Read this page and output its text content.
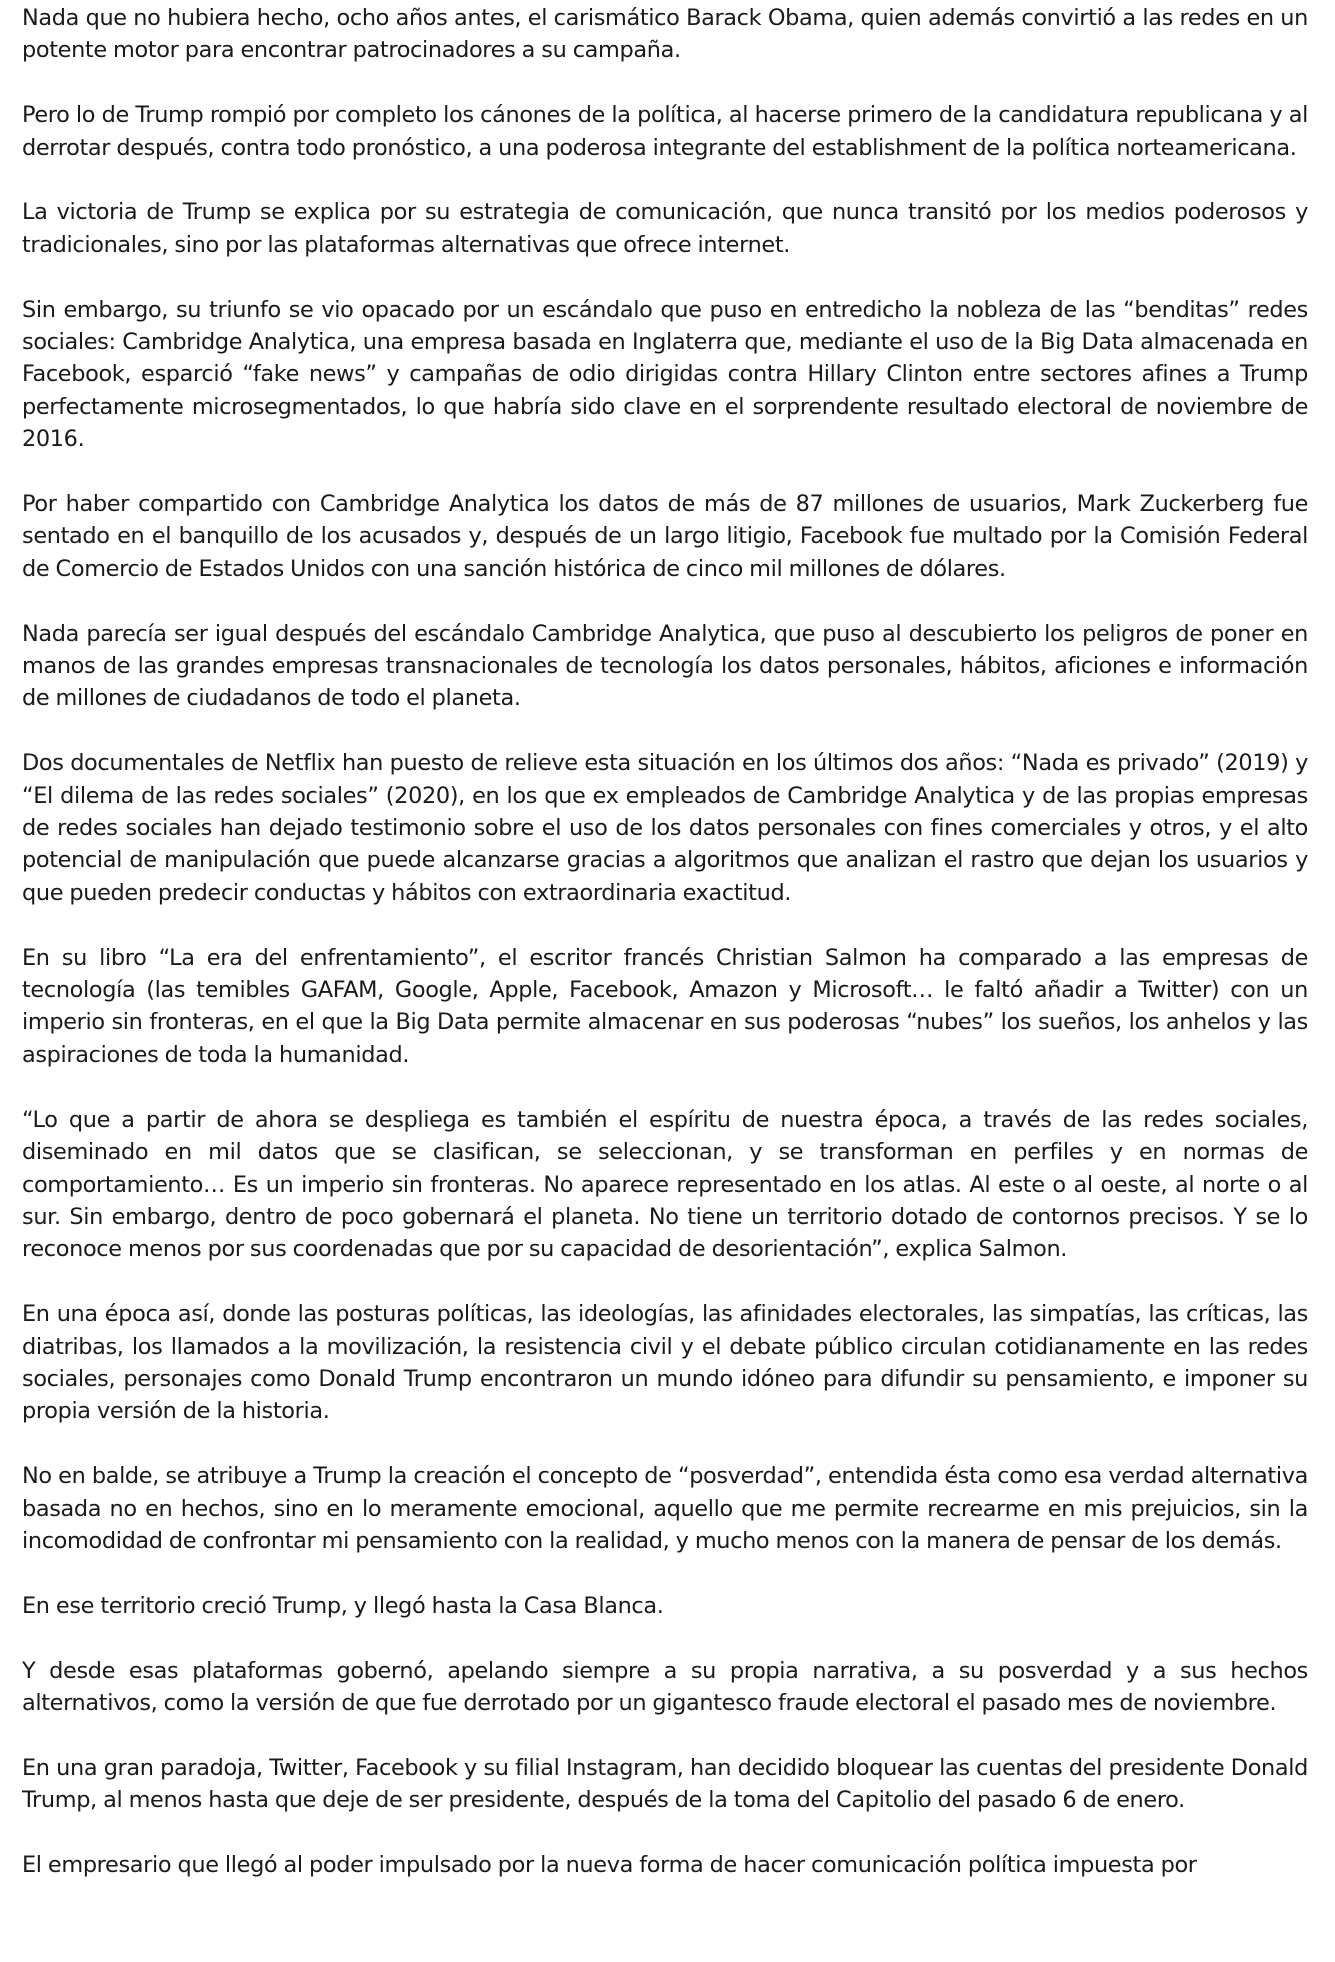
Nada que no hubiera hecho, ocho años antes, el carismático Barack Obama, quien además convirtió a las redes en un potente motor para encontrar patrocinadores a su campaña.

Pero lo de Trump rompió por completo los cánones de la política, al hacerse primero de la candidatura republicana y al derrotar después, contra todo pronóstico, a una poderosa integrante del establishment de la política norteamericana.

La victoria de Trump se explica por su estrategia de comunicación, que nunca transitó por los medios poderosos y tradicionales, sino por las plataformas alternativas que ofrece internet.

Sin embargo, su triunfo se vio opacado por un escándalo que puso en entredicho la nobleza de las “benditas” redes sociales: Cambridge Analytica, una empresa basada en Inglaterra que, mediante el uso de la Big Data almacenada en Facebook, esparció “fake news” y campañas de odio dirigidas contra Hillary Clinton entre sectores afines a Trump perfectamente microsegmentados, lo que habría sido clave en el sorprendente resultado electoral de noviembre de 2016.

Por haber compartido con Cambridge Analytica los datos de más de 87 millones de usuarios, Mark Zuckerberg fue sentado en el banquillo de los acusados y, después de un largo litigio, Facebook fue multado por la Comisión Federal de Comercio de Estados Unidos con una sanción histórica de cinco mil millones de dólares.

Nada parecía ser igual después del escándalo Cambridge Analytica, que puso al descubierto los peligros de poner en manos de las grandes empresas transnacionales de tecnología los datos personales, hábitos, aficiones e información de millones de ciudadanos de todo el planeta.

Dos documentales de Netflix han puesto de relieve esta situación en los últimos dos años: “Nada es privado” (2019) y “El dilema de las redes sociales” (2020), en los que ex empleados de Cambridge Analytica y de las propias empresas de redes sociales han dejado testimonio sobre el uso de los datos personales con fines comerciales y otros, y el alto potencial de manipulación que puede alcanzarse gracias a algoritmos que analizan el rastro que dejan los usuarios y que pueden predecir conductas y hábitos con extraordinaria exactitud.

En su libro “La era del enfrentamiento”, el escritor francés Christian Salmon ha comparado a las empresas de tecnología (las temibles GAFAM, Google, Apple, Facebook, Amazon y Microsoft… le faltó añadir a Twitter) con un imperio sin fronteras, en el que la Big Data permite almacenar en sus poderosas “nubes” los sueños, los anhelos y las aspiraciones de toda la humanidad.

“Lo que a partir de ahora se despliega es también el espíritu de nuestra época, a través de las redes sociales, diseminado en mil datos que se clasifican, se seleccionan, y se transforman en perfiles y en normas de comportamiento… Es un imperio sin fronteras. No aparece representado en los atlas. Al este o al oeste, al norte o al sur. Sin embargo, dentro de poco gobernará el planeta. No tiene un territorio dotado de contornos precisos. Y se lo reconoce menos por sus coordenadas que por su capacidad de desorientación”, explica Salmon.

En una época así, donde las posturas políticas, las ideologías, las afinidades electorales, las simpatías, las críticas, las diatribas, los llamados a la movilización, la resistencia civil y el debate público circulan cotidianamente en las redes sociales, personajes como Donald Trump encontraron un mundo idóneo para difundir su pensamiento, e imponer su propia versión de la historia.

No en balde, se atribuye a Trump la creación el concepto de “posverdad”, entendida ésta como esa verdad alternativa basada no en hechos, sino en lo meramente emocional, aquello que me permite recrearme en mis prejuicios, sin la incomodidad de confrontar mi pensamiento con la realidad, y mucho menos con la manera de pensar de los demás.

En ese territorio creció Trump, y llegó hasta la Casa Blanca.

Y desde esas plataformas gobernó, apelando siempre a su propia narrativa, a su posverdad y a sus hechos alternativos, como la versión de que fue derrotado por un gigantesco fraude electoral el pasado mes de noviembre.

En una gran paradoja, Twitter, Facebook y su filial Instagram, han decidido bloquear las cuentas del presidente Donald Trump, al menos hasta que deje de ser presidente, después de la toma del Capitolio del pasado 6 de enero.

El empresario que llegó al poder impulsado por la nueva forma de hacer comunicación política impuesta por
